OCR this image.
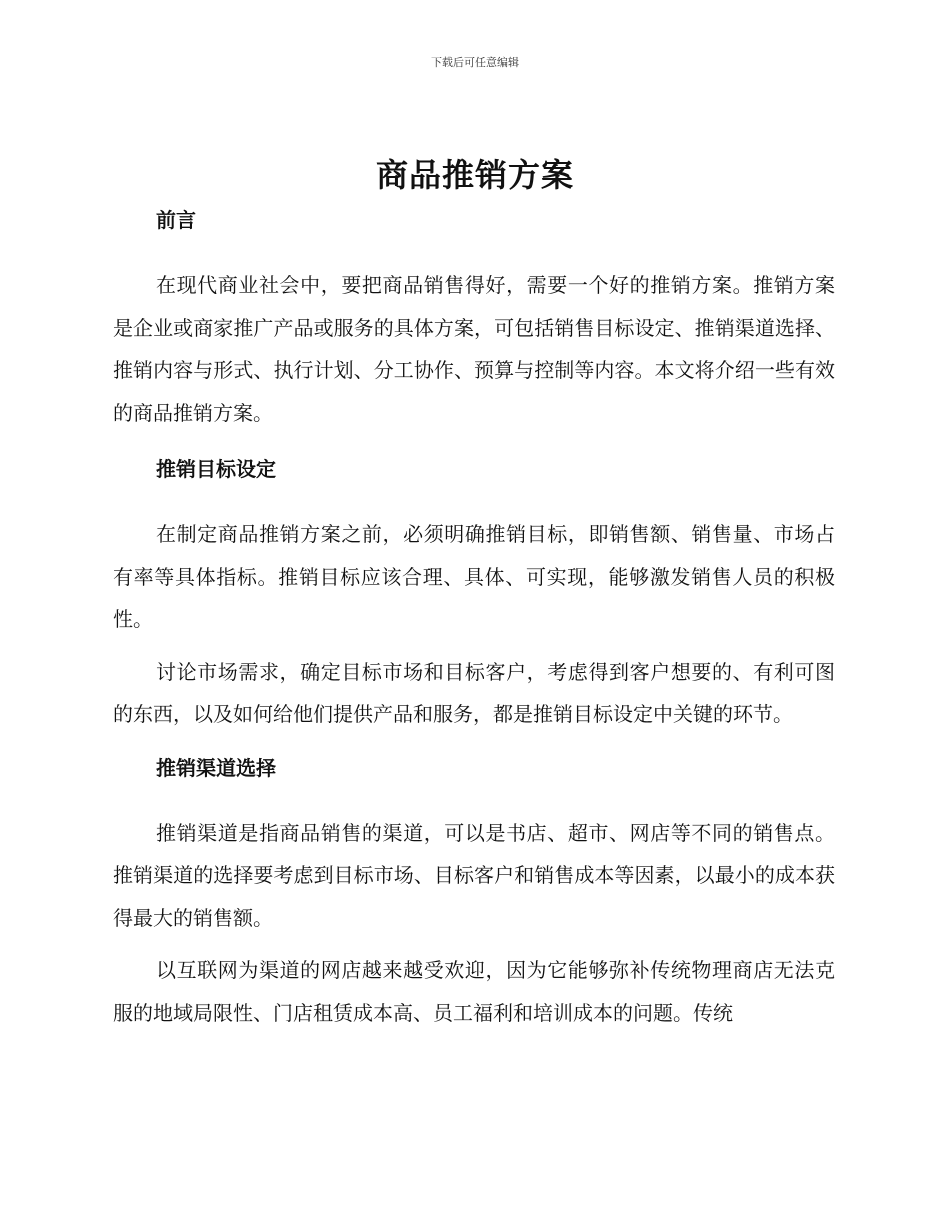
下载后可任意编辑
商品推销方案
前言

在现代商业社会中，要把商品销售得好，需要一个好的推销方案。推销方案是企业或商家推广产品或服务的具体方案，可包括销售目标设定、推销渠道选择、推销内容与形式、执行计划、分工协作、预算与控制等内容。本文将介绍一些有效的商品推销方案。

推销目标设定

在制定商品推销方案之前，必须明确推销目标，即销售额、销售量、市场占有率等具体指标。推销目标应该合理、具体、可实现，能够激发销售人员的积极性。

讨论市场需求，确定目标市场和目标客户，考虑得到客户想要的、有利可图的东西，以及如何给他们提供产品和服务，都是推销目标设定中关键的环节。

推销渠道选择

推销渠道是指商品销售的渠道，可以是书店、超市、网店等不同的销售点。推销渠道的选择要考虑到目标市场、目标客户和销售成本等因素，以最小的成本获得最大的销售额。

以互联网为渠道的网店越来越受欢迎，因为它能够弥补传统物理商店无法克服的地域局限性、门店租赁成本高、员工福利和培训成本的问题。传统
